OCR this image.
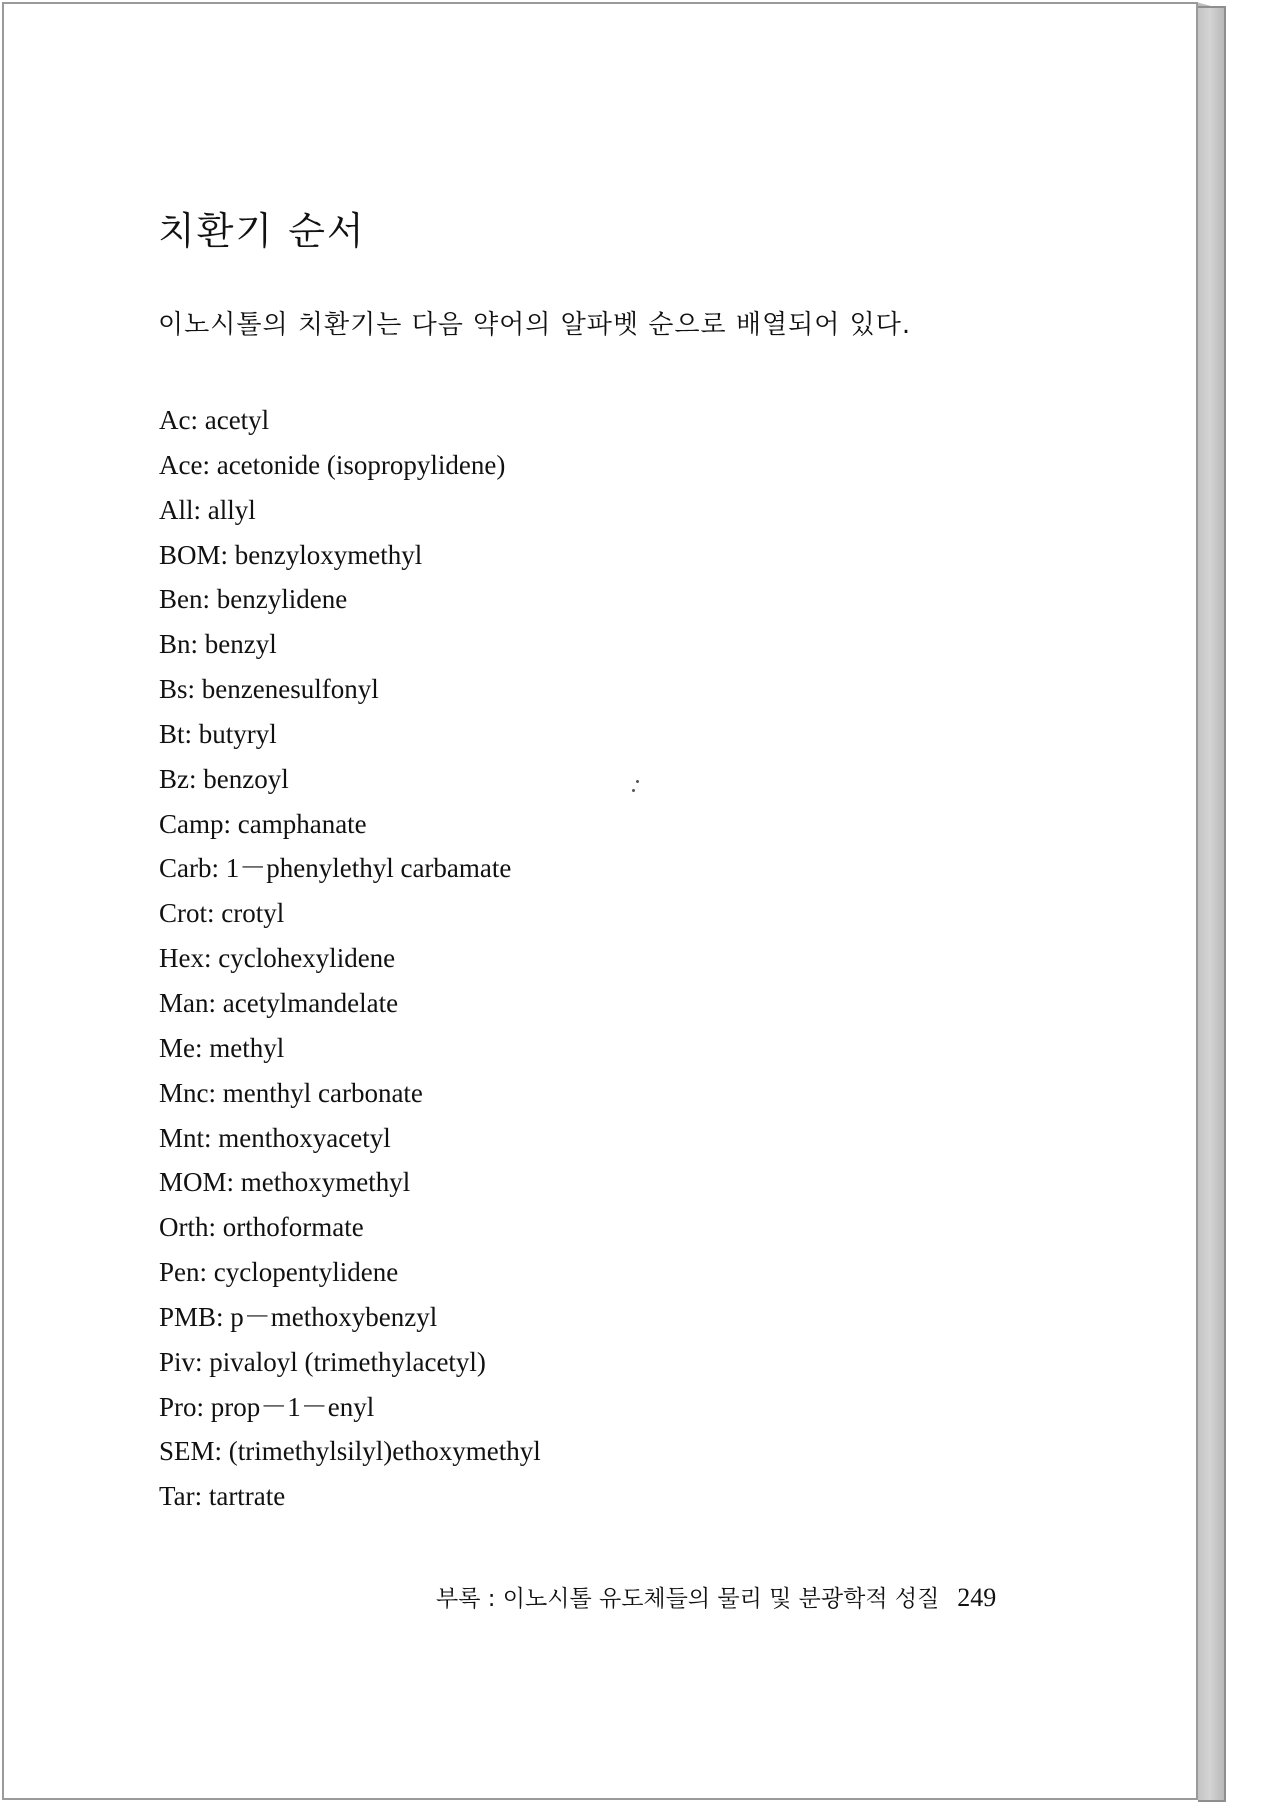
치환기 순서

이노시톨의 치환기는 다음 약어의 알파벳 순으로 배열되어 있다.

Ac: acetyl
Ace: acetonide (isopropylidene)
All: allyl
BOM: benzyloxymethyl
Ben: benzylidene
Bn: benzyl
Bs: benzenesulfonyl
Bt: butyryl
Bz: benzoyl
Camp: camphanate
Carb: 1－phenylethyl carbamate
Crot: crotyl
Hex: cyclohexylidene
Man: acetylmandelate
Me: methyl
Mnc: menthyl carbonate
Mnt: menthoxyacetyl
MOM: methoxymethyl
Orth: orthoformate
Pen: cyclopentylidene
PMB: p－methoxybenzyl
Piv: pivaloyl (trimethylacetyl)
Pro: prop－1－enyl
SEM: (trimethylsilyl)ethoxymethyl
Tar: tartrate
부록 : 이노시톨 유도체들의 물리 및 분광학적 성질 249
